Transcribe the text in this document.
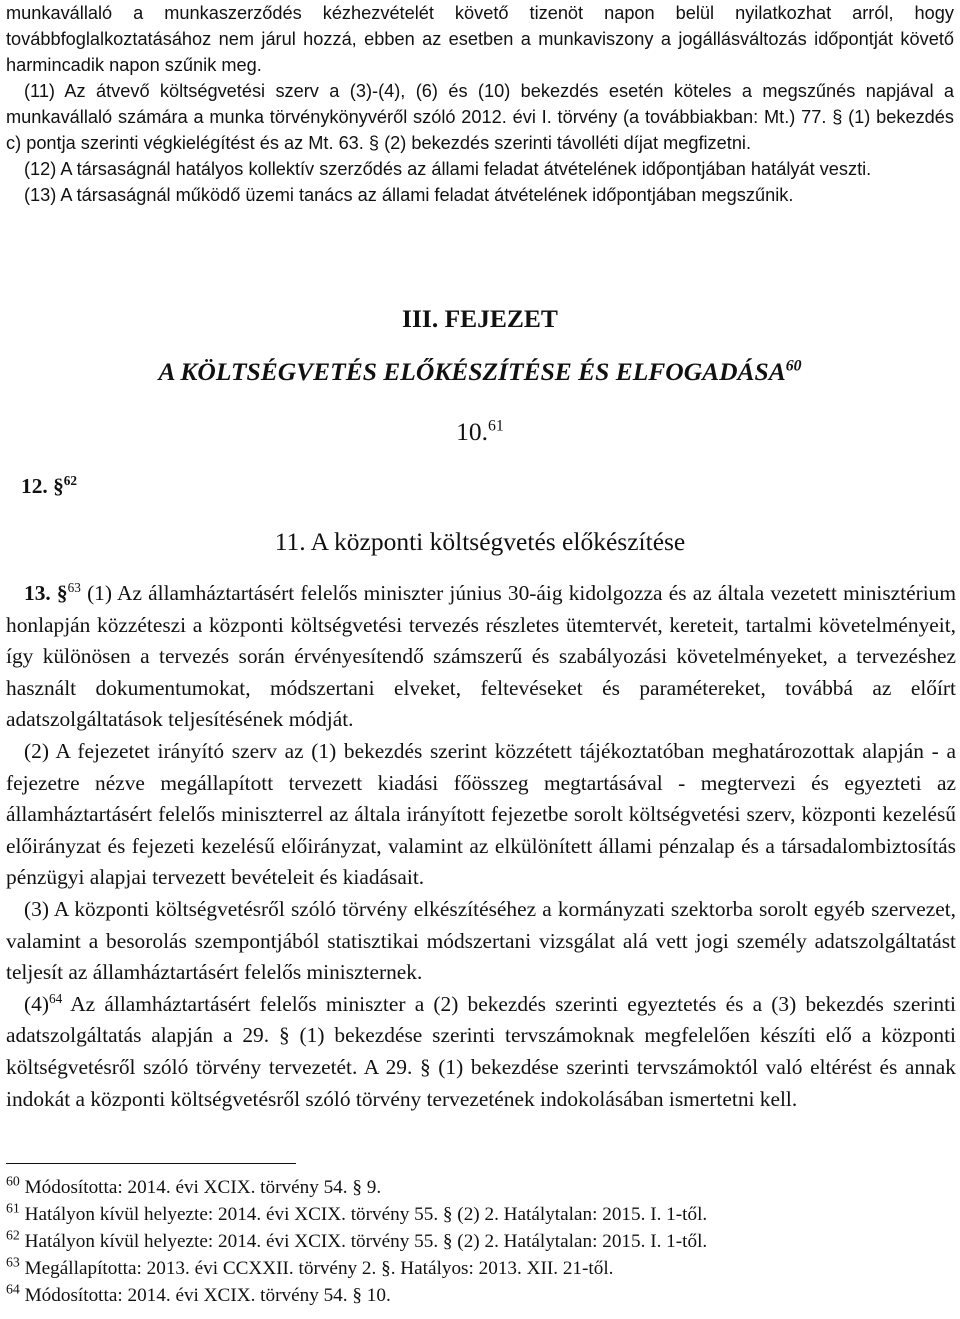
munkavállaló a munkaszerződés kézhezvételét követő tizenöt napon belül nyilatkozhat arról, hogy továbbfoglalkoztatásához nem járul hozzá, ebben az esetben a munkaviszony a jogállásváltozás időpontját követő harmincadik napon szűnik meg.

(11) Az átvevő költségvetési szerv a (3)-(4), (6) és (10) bekezdés esetén köteles a megszűnés napjával a munkavállaló számára a munka törvénykönyvéről szóló 2012. évi I. törvény (a továbbiakban: Mt.) 77. § (1) bekezdés c) pontja szerinti végkielégítést és az Mt. 63. § (2) bekezdés szerinti távolléti díjat megfizetni.

(12) A társaságnál hatályos kollektív szerződés az állami feladat átvételének időpontjában hatályát veszti.

(13) A társaságnál működő üzemi tanács az állami feladat átvételének időpontjában megszűnik.

III. FEJEZET
A KÖLTSÉGVETÉS ELŐKÉSZÍTÉSE ÉS ELFOGADÁSA$^{60}$
10.61
12. §$^{62}$
11. A központi költségvetés előkészítése

13. §$^{63}$ (1) Az államháztartásért felelős miniszter június 30-áig kidolgozza és az általa vezetett minisztérium honlapján közzéteszi a központi költségvetési tervezés részletes ütemtervét, kereteit, tartalmi követelményeit, így különösen a tervezés során érvényesítendő számszerű és szabályozási követelményeket, a tervezéshez használt dokumentumokat, módszertani elveket, feltevéseket és paramétereket, továbbá az előírt adatszolgáltatások teljesítésének módját.

(2) A fejezetet irányító szerv az (1) bekezdés szerint közzétett tájékoztatóban meghatározottak alapján - a fejezetre nézve megállapított tervezett kiadási főösszeg megtartásával - megtervezi és egyezteti az államháztartásért felelős miniszterrel az általa irányított fejezetbe sorolt költségvetési szerv, központi kezelésű előirányzat és fejezeti kezelésű előirányzat, valamint az elkülönített állami pénzalap és a társadalombiztosítás pénzügyi alapjai tervezett bevételeit és kiadásait.

(3) A központi költségvetésről szóló törvény elkészítéséhez a kormányzati szektorba sorolt egyéb szervezet, valamint a besorolás szempontjából statisztikai módszertani vizsgálat alá vett jogi személy adatszolgáltatást teljesít az államháztartásért felelős miniszternek.

$(4)^{64}$ Az államháztartásért felelős miniszter a (2) bekezdés szerinti egyeztetés és a (3) bekezdés szerinti adatszolgáltatás alapján a 29. § (1) bekezdése szerinti tervszámoknak megfelelően készíti elő a központi költségvetésről szóló törvény tervezetét. A 29. § (1) bekezdése szerinti tervszámoktól való eltérést és annak indokát a központi költségvetésről szóló törvény tervezetének indokolásában ismertetni kell.

$^{60}$ Módosította: 2014. évi XCIX. törvény 54. § 9.
$^{61}$ Hatályon kívül helyezte: 2014. évi XCIX. törvény 55. § (2) 2. Hatálytalan: 2015. I. 1-től.
$^{62}$ Hatályon kívül helyezte: 2014. évi XCIX. törvény 55. § (2) 2. Hatálytalan: 2015. I. 1-től.
$^{63}$ Megállapította: 2013. évi CCXXII. törvény 2. §. Hatályos: 2013. XII. 21-től.
$^{64}$ Módosította: 2014. évi XCIX. törvény 54. § 10.
